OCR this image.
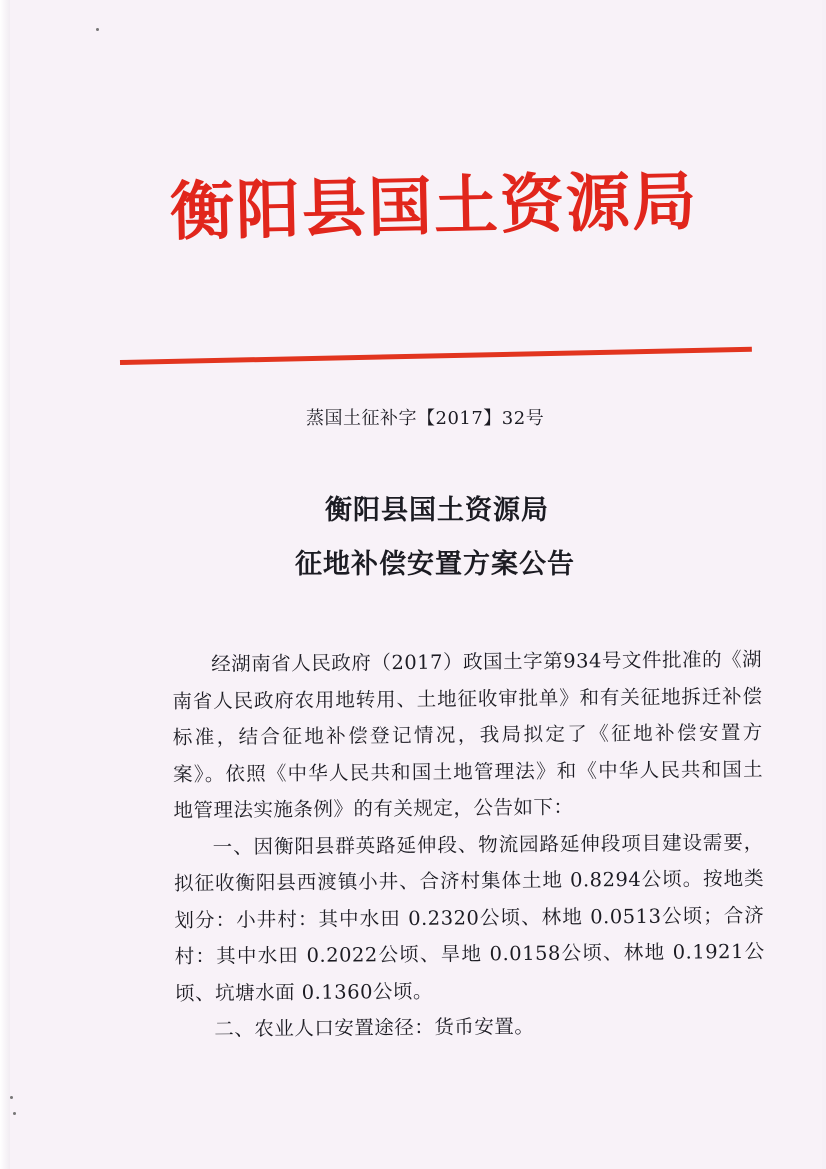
衡阳县国土资源局

蒸国土征补字【2017】32号

衡阳县国土资源局
征地补偿安置方案公告

经湖南省人民政府（2017）政国土字第934号文件批准的《湖南省人民政府农用地转用、土地征收审批单》和有关征地拆迁补偿标准，结合征地补偿登记情况，我局拟定了《征地补偿安置方案》。依照《中华人民共和国土地管理法》和《中华人民共和国土地管理法实施条例》的有关规定，公告如下：

一、因衡阳县群英路延伸段、物流园路延伸段项目建设需要，拟征收衡阳县西渡镇小井、合济村集体土地 0.8294公顷。按地类划分：小井村：其中水田 0.2320公顷、林地 0.0513公顷；合济村：其中水田 0.2022公顷、旱地 0.0158公顷、林地 0.1921公顷、坑塘水面 0.1360公顷。

二、农业人口安置途径：货币安置。
